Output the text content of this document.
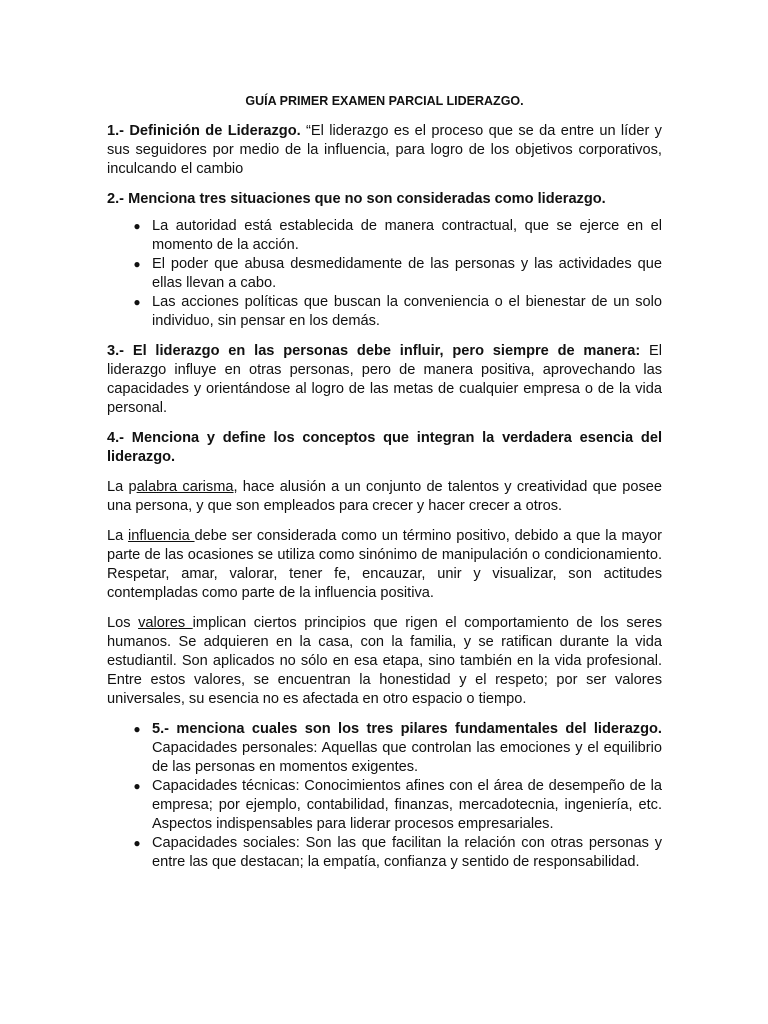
GUÍA PRIMER EXAMEN PARCIAL LIDERAZGO.

1.- Definición de Liderazgo. “El liderazgo es el proceso que se da entre un líder y sus seguidores por medio de la influencia, para logro de los objetivos corporativos, inculcando el cambio

2.- Menciona tres situaciones que no son consideradas como liderazgo.

● La autoridad está establecida de manera contractual, que se ejerce en el momento de la acción.
● El poder que abusa desmedidamente de las personas y las actividades que ellas llevan a cabo.
● Las acciones políticas que buscan la conveniencia o el bienestar de un solo individuo, sin pensar en los demás.

3.- El liderazgo en las personas debe influir, pero siempre de manera: El liderazgo influye en otras personas, pero de manera positiva, aprovechando las capacidades y orientándose al logro de las metas de cualquier empresa o de la vida personal.

4.- Menciona y define los conceptos que integran la verdadera esencia del liderazgo.

La palabra carisma, hace alusión a un conjunto de talentos y creatividad que posee una persona, y que son empleados para crecer y hacer crecer a otros.

La influencia debe ser considerada como un término positivo, debido a que la mayor parte de las ocasiones se utiliza como sinónimo de manipulación o condicionamiento. Respetar, amar, valorar, tener fe, encauzar, unir y visualizar, son actitudes contempladas como parte de la influencia positiva.

Los valores implican ciertos principios que rigen el comportamiento de los seres humanos. Se adquieren en la casa, con la familia, y se ratifican durante la vida estudiantil. Son aplicados no sólo en esa etapa, sino también en la vida profesional. Entre estos valores, se encuentran la honestidad y el respeto; por ser valores universales, su esencia no es afectada en otro espacio o tiempo.

● 5.- menciona cuales son los tres pilares fundamentales del liderazgo. Capacidades personales: Aquellas que controlan las emociones y el equilibrio de las personas en momentos exigentes.
● Capacidades técnicas: Conocimientos afines con el área de desempeño de la empresa; por ejemplo, contabilidad, finanzas, mercadotecnia, ingeniería, etc. Aspectos indispensables para liderar procesos empresariales.
● Capacidades sociales: Son las que facilitan la relación con otras personas y entre las que destacan; la empatía, confianza y sentido de responsabilidad.
